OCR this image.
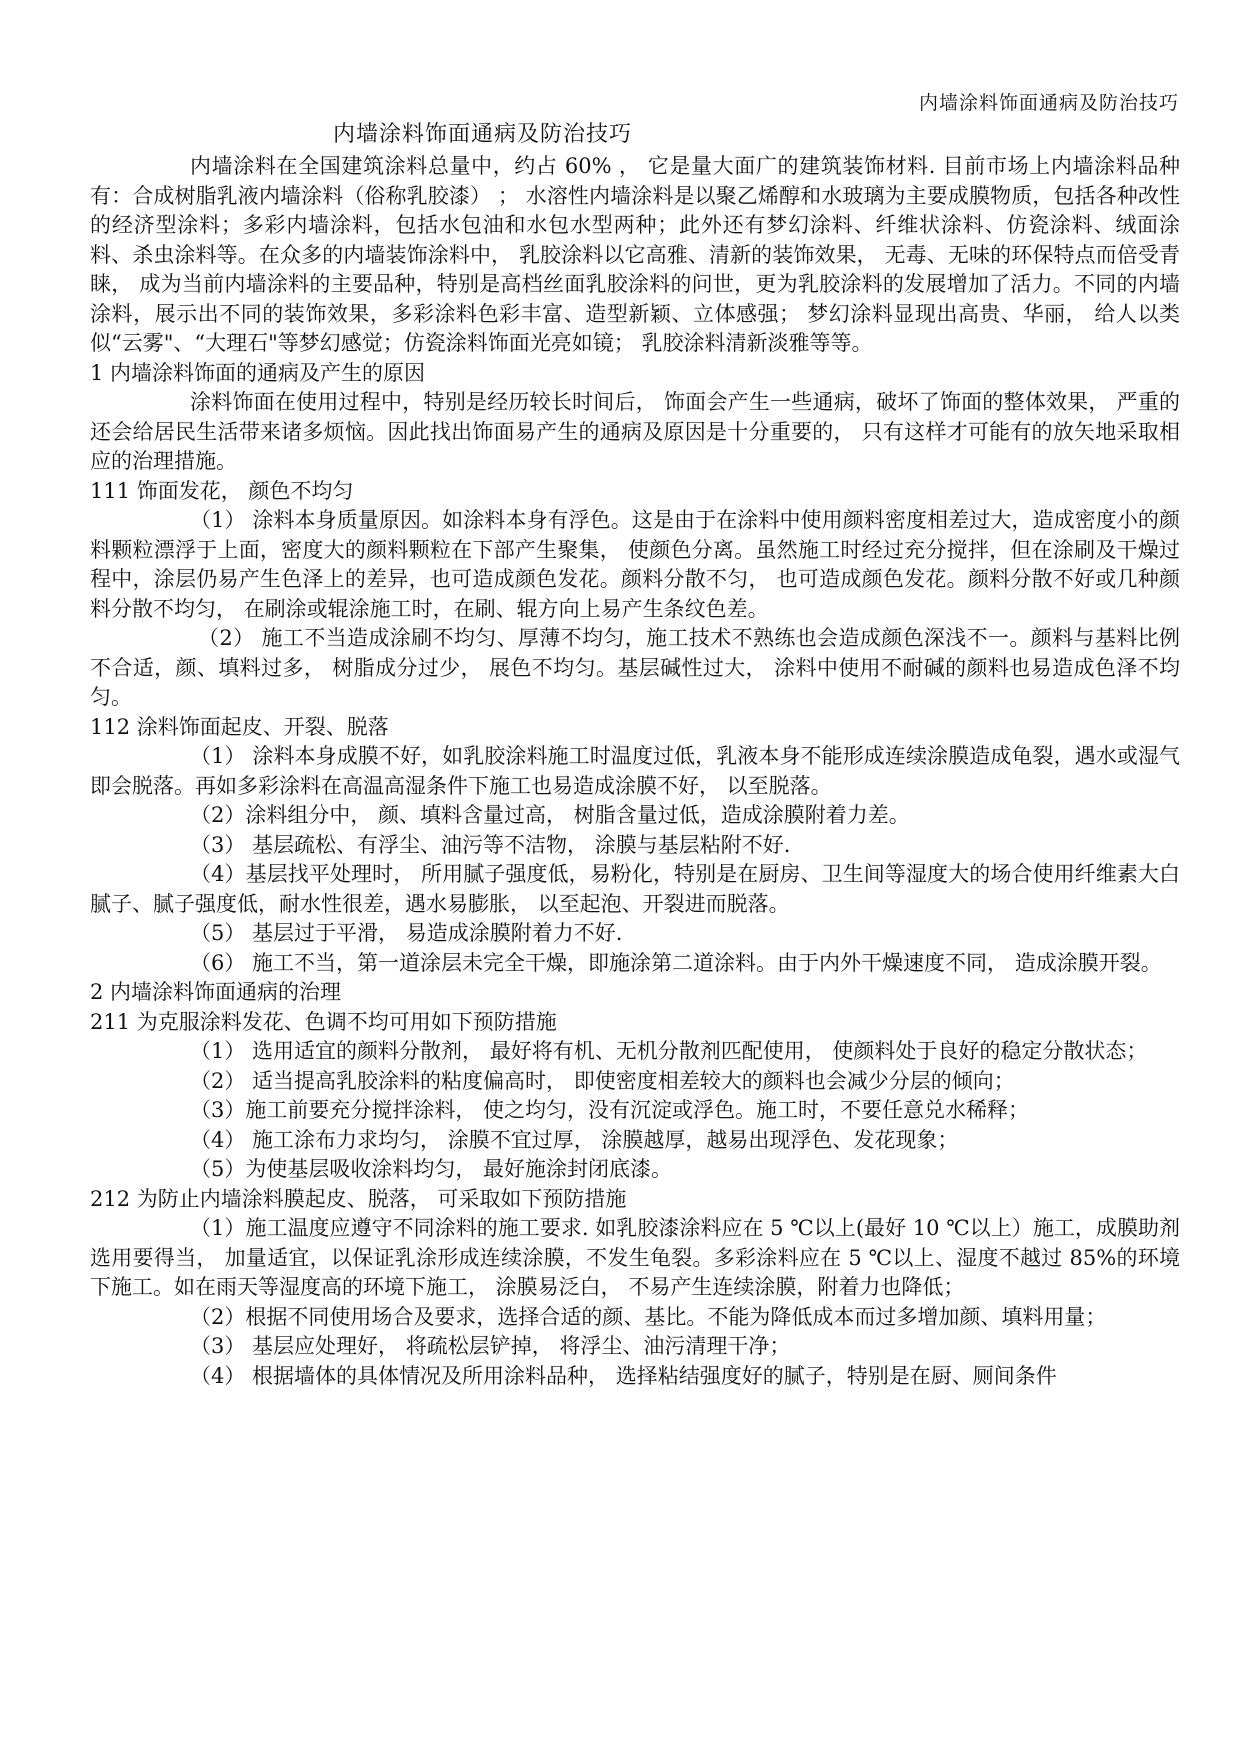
内墙涂料饰面通病及防治技巧
内墙涂料饰面通病及防治技巧

内墙涂料在全国建筑涂料总量中，约占 60% ， 它是量大面广的建筑装饰材料. 目前市场上内墙涂料品种有：合成树脂乳液内墙涂料（俗称乳胶漆） ； 水溶性内墙涂料是以聚乙烯醇和水玻璃为主要成膜物质，包括各种改性的经济型涂料；多彩内墙涂料，包括水包油和水包水型两种；此外还有梦幻涂料、纤维状涂料、仿瓷涂料、绒面涂料、杀虫涂料等。在众多的内墙装饰涂料中， 乳胶涂料以它高雅、清新的装饰效果， 无毒、无味的环保特点而倍受青睐， 成为当前内墙涂料的主要品种，特别是高档丝面乳胶涂料的问世，更为乳胶涂料的发展增加了活力。不同的内墙涂料，展示出不同的装饰效果，多彩涂料色彩丰富、造型新颖、立体感强； 梦幻涂料显现出高贵、华丽， 给人以类似“云雾"、“大理石"等梦幻感觉；仿瓷涂料饰面光亮如镜； 乳胶涂料清新淡雅等等。

1 内墙涂料饰面的通病及产生的原因

涂料饰面在使用过程中，特别是经历较长时间后， 饰面会产生一些通病，破坏了饰面的整体效果， 严重的还会给居民生活带来诸多烦恼。因此找出饰面易产生的通病及原因是十分重要的， 只有这样才可能有的放矢地采取相应的治理措施。

111 饰面发花， 颜色不均匀

（1） 涂料本身质量原因。如涂料本身有浮色。这是由于在涂料中使用颜料密度相差过大，造成密度小的颜料颗粒漂浮于上面，密度大的颜料颗粒在下部产生聚集， 使颜色分离。虽然施工时经过充分搅拌，但在涂刷及干燥过程中，涂层仍易产生色泽上的差异，也可造成颜色发花。颜料分散不匀， 也可造成颜色发花。颜料分散不好或几种颜料分散不均匀， 在刷涂或辊涂施工时，在刷、辊方向上易产生条纹色差。

（2） 施工不当造成涂刷不均匀、厚薄不均匀，施工技术不熟练也会造成颜色深浅不一。颜料与基料比例不合适，颜、填料过多， 树脂成分过少， 展色不均匀。基层碱性过大， 涂料中使用不耐碱的颜料也易造成色泽不均匀。

112 涂料饰面起皮、开裂、脱落

（1） 涂料本身成膜不好，如乳胶涂料施工时温度过低，乳液本身不能形成连续涂膜造成龟裂，遇水或湿气即会脱落。再如多彩涂料在高温高湿条件下施工也易造成涂膜不好， 以至脱落。

（2）涂料组分中， 颜、填料含量过高， 树脂含量过低，造成涂膜附着力差。

（3） 基层疏松、有浮尘、油污等不洁物， 涂膜与基层粘附不好.

（4）基层找平处理时， 所用腻子强度低，易粉化，特别是在厨房、卫生间等湿度大的场合使用纤维素大白腻子、腻子强度低，耐水性很差，遇水易膨胀， 以至起泡、开裂进而脱落。

（5） 基层过于平滑， 易造成涂膜附着力不好.

（6） 施工不当，第一道涂层未完全干燥，即施涂第二道涂料。由于内外干燥速度不同， 造成涂膜开裂。

2 内墙涂料饰面通病的治理

211 为克服涂料发花、色调不均可用如下预防措施

（1） 选用适宜的颜料分散剂， 最好将有机、无机分散剂匹配使用， 使颜料处于良好的稳定分散状态；

（2） 适当提高乳胶涂料的粘度偏高时， 即使密度相差较大的颜料也会减少分层的倾向；

（3）施工前要充分搅拌涂料， 使之均匀，没有沉淀或浮色。施工时，不要任意兑水稀释；

（4） 施工涂布力求均匀， 涂膜不宜过厚， 涂膜越厚，越易出现浮色、发花现象；

（5）为使基层吸收涂料均匀， 最好施涂封闭底漆。

212 为防止内墙涂料膜起皮、脱落， 可采取如下预防措施

（1）施工温度应遵守不同涂料的施工要求. 如乳胶漆涂料应在 5 ℃以上(最好 10 ℃以上）施工，成膜助剂选用要得当， 加量适宜，以保证乳涂形成连续涂膜，不发生龟裂。多彩涂料应在 5 ℃以上、湿度不越过 85%的环境下施工。如在雨天等湿度高的环境下施工， 涂膜易泛白， 不易产生连续涂膜，附着力也降低；

（2）根据不同使用场合及要求，选择合适的颜、基比。不能为降低成本而过多增加颜、填料用量；

（3） 基层应处理好， 将疏松层铲掉， 将浮尘、油污清理干净；

（4） 根据墙体的具体情况及所用涂料品种， 选择粘结强度好的腻子，特别是在厨、厕间条件
